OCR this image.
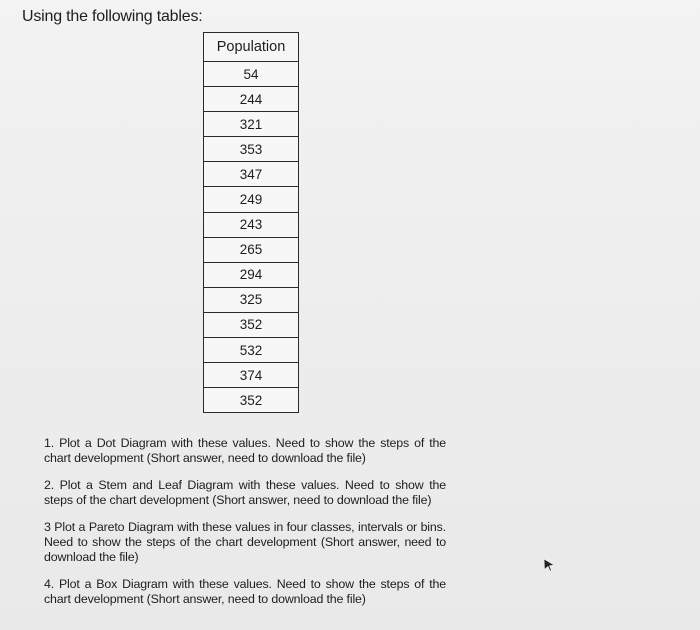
Using the following tables:
Population
54
244
321
353
347
249
243
265
294
325
352
532
374
352

1. Plot a Dot Diagram with these values. Need to show the steps of the chart development (Short answer, need to download the file)

2. Plot a Stem and Leaf Diagram with these values. Need to show the steps of the chart development (Short answer, need to download the file)

3 Plot a Pareto Diagram with these values in four classes, intervals or bins. Need to show the steps of the chart development (Short answer, need to download the file)

4. Plot a Box Diagram with these values. Need to show the steps of the chart development (Short answer, need to download the file)
